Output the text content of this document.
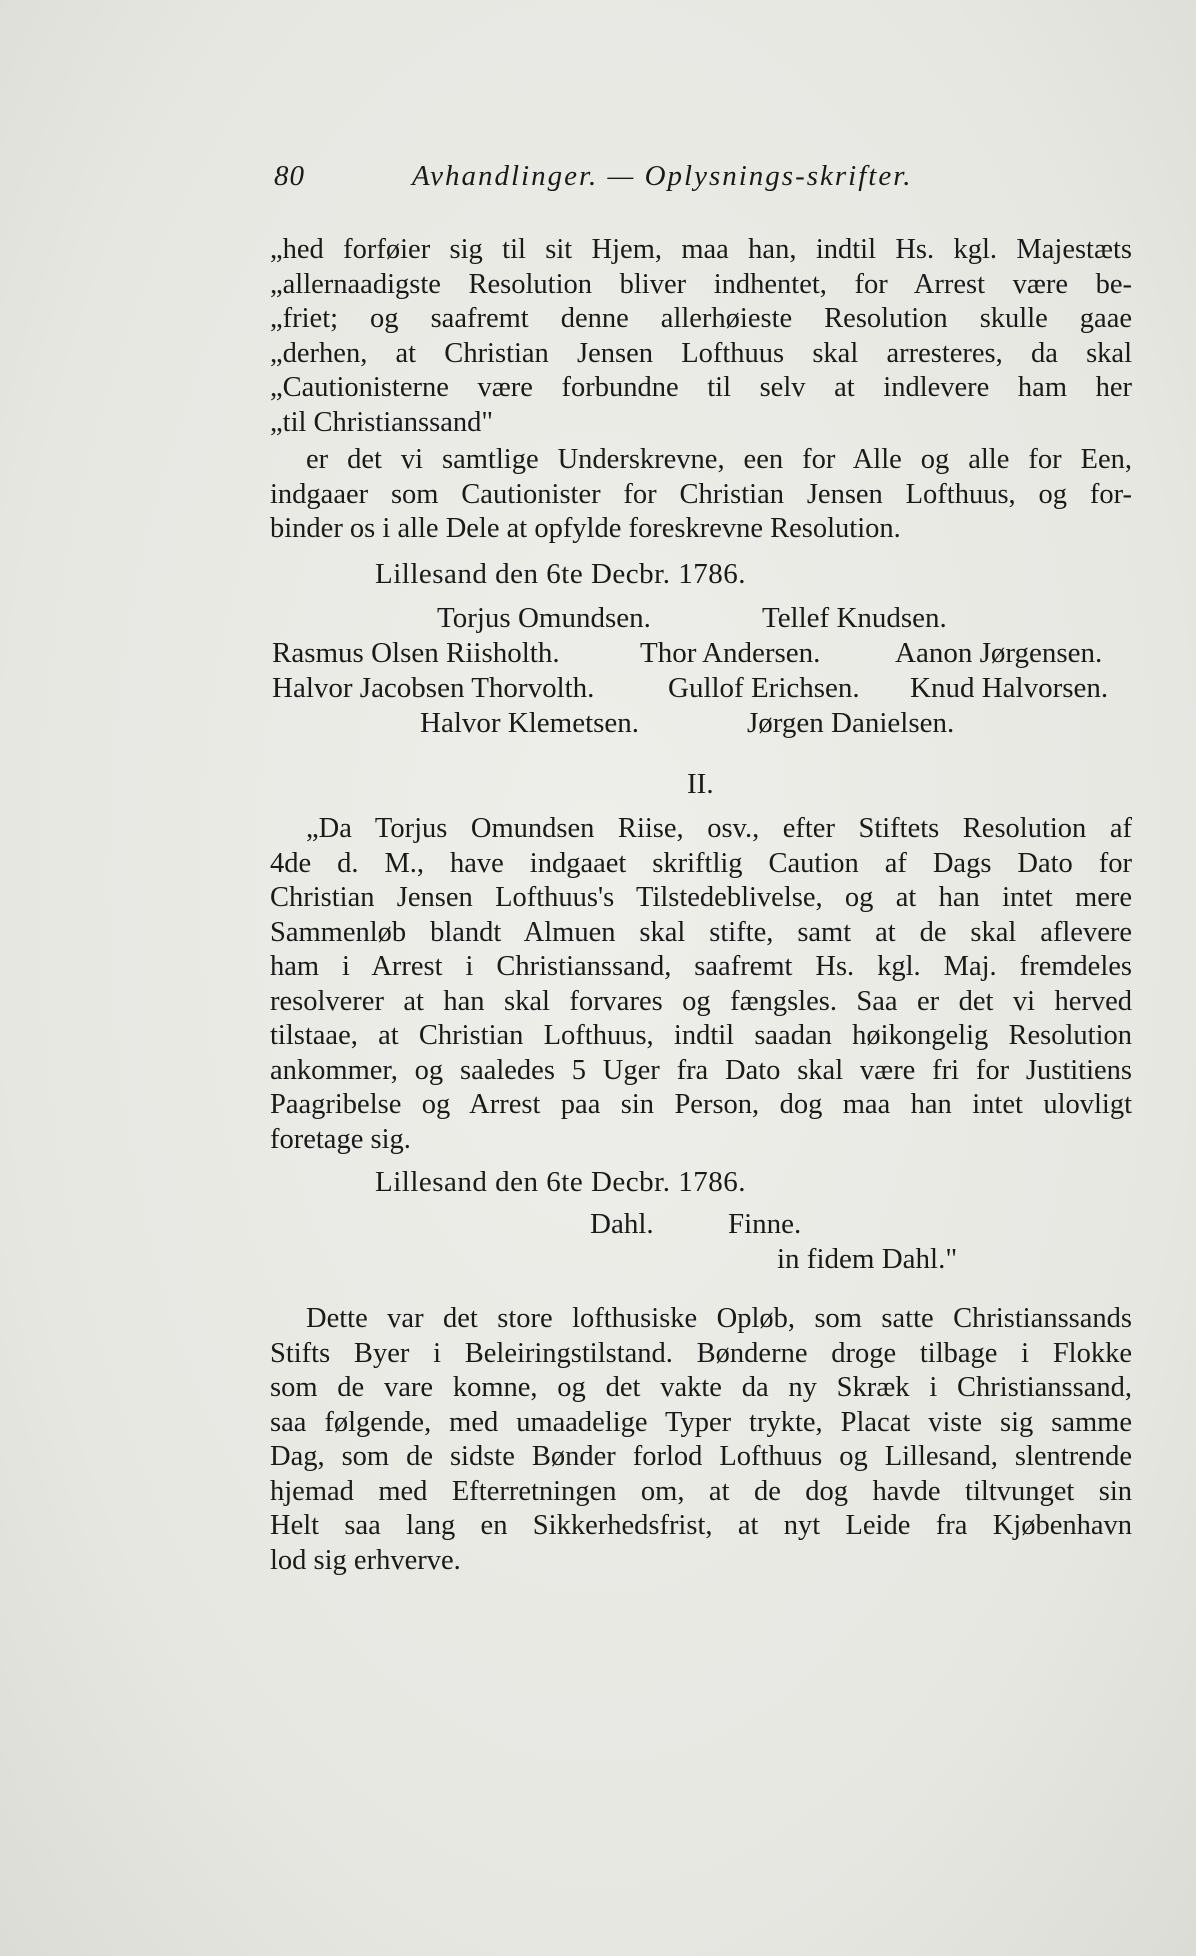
80	Avhandlinger. — Oplysnings-skrifter.
„hed forføier sig til sit Hjem, maa han, indtil Hs. kgl. Majestæts
„allernaadigste Resolution bliver indhentet, for Arrest være be-
„friet; og saafremt denne allerhøieste Resolution skulle gaae
„derhen, at Christian Jensen Lofthuus skal arresteres, da skal
„Cautionisterne være forbundne til selv at indlevere ham her
„til Christianssand"
er det vi samtlige Underskrevne, een for Alle og alle for Een,
indgaaer som Cautionister for Christian Jensen Lofthuus, og for-
binder os i alle Dele at opfylde foreskrevne Resolution.
Lillesand den 6te Decbr. 1786.
Torjus Omundsen.	Tellef Knudsen.
Rasmus Olsen Riisholth.	Thor Andersen.	Aanon Jørgensen.
Halvor Jacobsen Thorvolth.	Gullof Erichsen. Knud Halvorsen.
Halvor Klemetsen.	Jørgen Danielsen.
II.
„Da Torjus Omundsen Riise, osv., efter Stiftets Resolution af
4de d. M., have indgaaet skriftlig Caution af Dags Dato for
Christian Jensen Lofthuus's Tilstedeblivelse, og at han intet mere
Sammenløb blandt Almuen skal stifte, samt at de skal aflevere
ham i Arrest i Christianssand, saafremt Hs. kgl. Maj. fremdeles
resolverer at han skal forvares og fængsles. Saa er det vi herved
tilstaae, at Christian Lofthuus, indtil saadan høikongelig Resolution
ankommer, og saaledes 5 Uger fra Dato skal være fri for Justitiens
Paagribelse og Arrest paa sin Person, dog maa han intet ulovligt
foretage sig.
Lillesand den 6te Decbr. 1786.
Dahl.	Finne.
in fidem Dahl."
Dette var det store lofthusiske Opløb, som satte Christianssands
Stifts Byer i Beleiringstilstand. Bønderne droge tilbage i Flokke
som de vare komne, og det vakte da ny Skræk i Christianssand,
saa følgende, med umaadelige Typer trykte, Placat viste sig samme
Dag, som de sidste Bønder forlod Lofthuus og Lillesand, slentrende
hjemad med Efterretningen om, at de dog havde tiltvunget sin
Helt saa lang en Sikkerhedsfrist, at nyt Leide fra Kjøbenhavn
lod sig erhverve.
